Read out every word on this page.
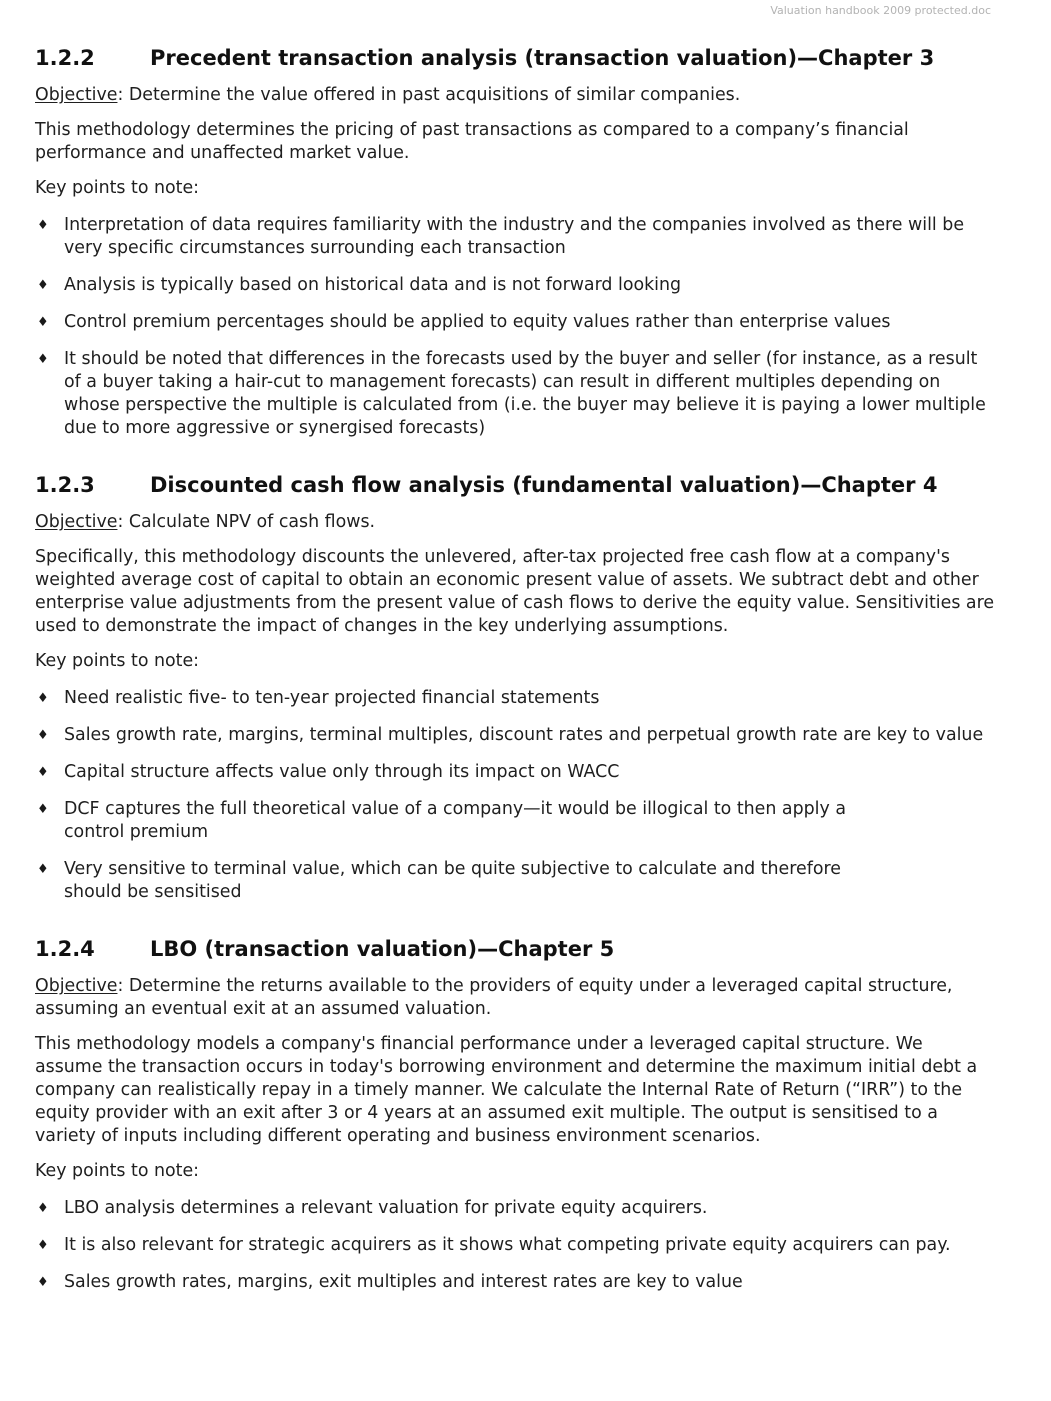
Valuation handbook 2009 protected.doc
1.2.2	Precedent transaction analysis (transaction valuation)—Chapter 3

Objective: Determine the value offered in past acquisitions of similar companies.

This methodology determines the pricing of past transactions as compared to a company’s financial performance and unaffected market value.

Key points to note:

♦ Interpretation of data requires familiarity with the industry and the companies involved as there will be very specific circumstances surrounding each transaction
♦ Analysis is typically based on historical data and is not forward looking
♦ Control premium percentages should be applied to equity values rather than enterprise values
♦ It should be noted that differences in the forecasts used by the buyer and seller (for instance, as a result of a buyer taking a hair-cut to management forecasts) can result in different multiples depending on whose perspective the multiple is calculated from (i.e. the buyer may believe it is paying a lower multiple due to more aggressive or synergised forecasts)
1.2.3	Discounted cash flow analysis (fundamental valuation)—Chapter 4

Objective: Calculate NPV of cash flows.

Specifically, this methodology discounts the unlevered, after-tax projected free cash flow at a company's weighted average cost of capital to obtain an economic present value of assets. We subtract debt and other enterprise value adjustments from the present value of cash flows to derive the equity value. Sensitivities are used to demonstrate the impact of changes in the key underlying assumptions.

Key points to note:

♦ Need realistic five- to ten-year projected financial statements
♦ Sales growth rate, margins, terminal multiples, discount rates and perpetual growth rate are key to value
♦ Capital structure affects value only through its impact on WACC
♦ DCF captures the full theoretical value of a company—it would be illogical to then apply a control premium
♦ Very sensitive to terminal value, which can be quite subjective to calculate and therefore should be sensitised
1.2.4	LBO (transaction valuation)—Chapter 5

Objective: Determine the returns available to the providers of equity under a leveraged capital structure, assuming an eventual exit at an assumed valuation.

This methodology models a company's financial performance under a leveraged capital structure. We assume the transaction occurs in today's borrowing environment and determine the maximum initial debt a company can realistically repay in a timely manner. We calculate the Internal Rate of Return (“IRR”) to the equity provider with an exit after 3 or 4 years at an assumed exit multiple. The output is sensitised to a variety of inputs including different operating and business environment scenarios.

Key points to note:

♦ LBO analysis determines a relevant valuation for private equity acquirers.
♦ It is also relevant for strategic acquirers as it shows what competing private equity acquirers can pay.
♦ Sales growth rates, margins, exit multiples and interest rates are key to value
